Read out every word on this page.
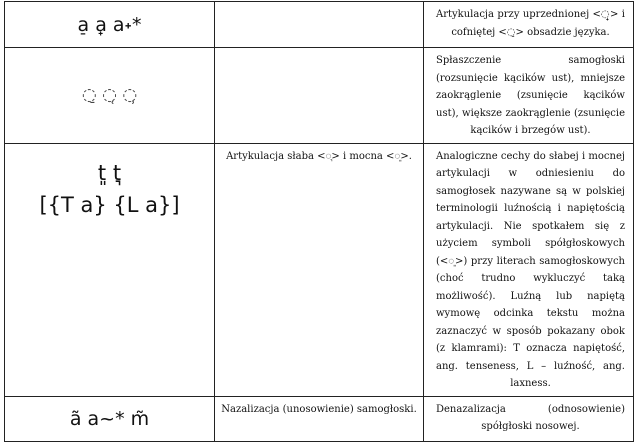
a̠ a̟ a˖*		Artykulacja przy uprzednionej <◌̟> i cofniętej <◌̠> obsadzie języka.

◌̠ ◌̜ ◌̹		Spłaszczenie samogłoski (rozsunięcie kącików ust), mniejsze zaokrąglenie (zsunięcie kącików ust), większe zaokrąglenie (zsunięcie kącików i brzegów ust).

t͈ t͉
[{T a} {L a}]	Artykulacja słaba <◌͉> i mocna <◌͈>.	Analogiczne cechy do słabej i mocnej artykulacji w odniesieniu do samogłosek nazywane są w polskiej terminologii luźnością i napiętością artykulacji. Nie spotkałem się z użyciem symboli spółgłoskowych (<◌͈>) przy literach samogłoskowych (choć trudno wykluczyć taką możliwość). Luźną lub napiętą wymowę odcinka tekstu można zaznaczyć w sposób pokazany obok (z klamrami): T oznacza napiętość, ang. tenseness, L – luźność, ang. laxness.

ã a~* m̃	Nazalizacja (unosowienie) samogłoski.	Denazalizacja (odnosowienie) spółgłoski nosowej.
